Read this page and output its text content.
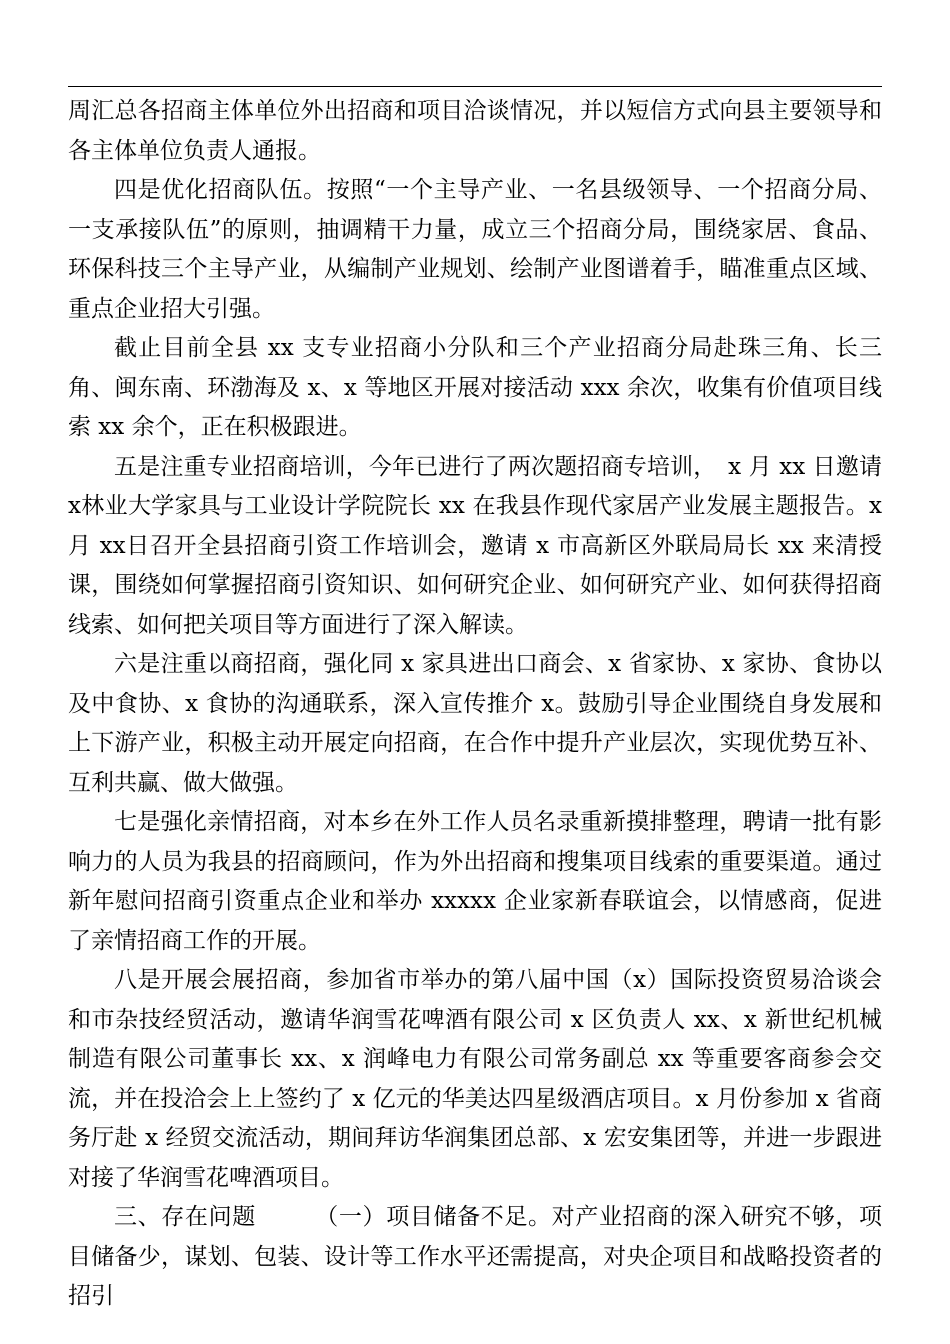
周汇总各招商主体单位外出招商和项目洽谈情况，并以短信方式向县主要领导和各主体单位负责人通报。

四是优化招商队伍。按照“一个主导产业、一名县级领导、一个招商分局、一支承接队伍”的原则，抽调精干力量，成立三个招商分局，围绕家居、食品、环保科技三个主导产业，从编制产业规划、绘制产业图谱着手，瞄准重点区域、重点企业招大引强。

截止目前全县 xx 支专业招商小分队和三个产业招商分局赴珠三角、长三角、闽东南、环渤海及 x、x 等地区开展对接活动 xxx 余次，收集有价值项目线索 xx 余个，正在积极跟进。

五是注重专业招商培训，今年已进行了两次题招商专培训，　x 月 xx 日邀请 x林业大学家具与工业设计学院院长 xx 在我县作现代家居产业发展主题报告。x 月 xx日召开全县招商引资工作培训会，邀请 x 市高新区外联局局长 xx 来清授课，围绕如何掌握招商引资知识、如何研究企业、如何研究产业、如何获得招商线索、如何把关项目等方面进行了深入解读。

六是注重以商招商，强化同 x 家具进出口商会、x 省家协、x 家协、食协以及中食协、x 食协的沟通联系，深入宣传推介 x。鼓励引导企业围绕自身发展和上下游产业，积极主动开展定向招商，在合作中提升产业层次，实现优势互补、互利共赢、做大做强。

七是强化亲情招商，对本乡在外工作人员名录重新摸排整理，聘请一批有影响力的人员为我县的招商顾问，作为外出招商和搜集项目线索的重要渠道。通过新年慰问招商引资重点企业和举办 xxxxx 企业家新春联谊会，以情感商，促进了亲情招商工作的开展。

八是开展会展招商，参加省市举办的第八届中国（x）国际投资贸易洽谈会和市杂技经贸活动，邀请华润雪花啤酒有限公司 x 区负责人 xx、x 新世纪机械制造有限公司董事长 xx、x 润峰电力有限公司常务副总 xx 等重要客商参会交流，并在投洽会上上签约了 x 亿元的华美达四星级酒店项目。x 月份参加 x 省商务厅赴 x 经贸交流活动，期间拜访华润集团总部、x 宏安集团等，并进一步跟进对接了华润雪花啤酒项目。

三、存在问题　　　（一）项目储备不足。对产业招商的深入研究不够，项目储备少，谋划、包装、设计等工作水平还需提高，对央企项目和战略投资者的招引
